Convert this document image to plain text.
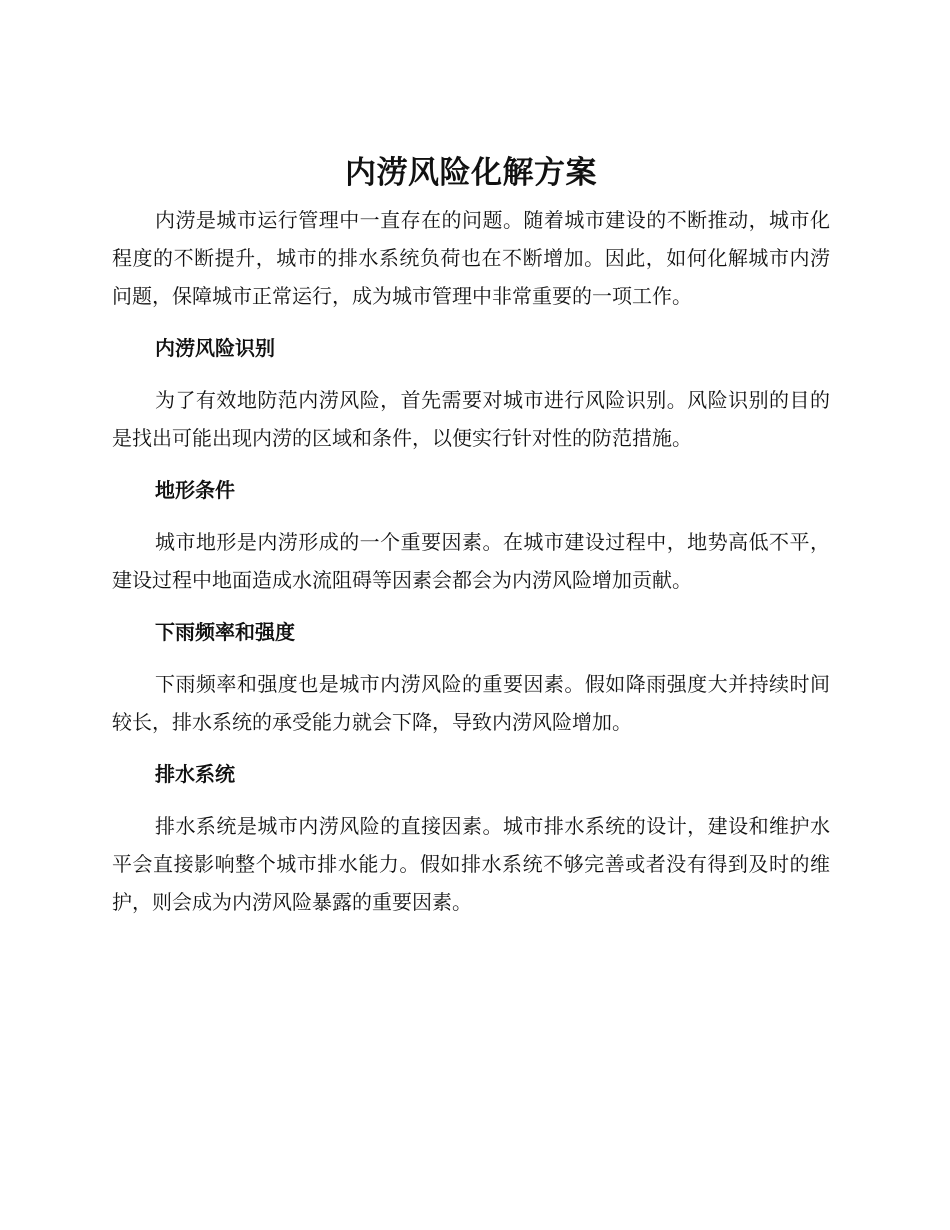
内涝风险化解方案

内涝是城市运行管理中一直存在的问题。随着城市建设的不断推动，城市化程度的不断提升，城市的排水系统负荷也在不断增加。因此，如何化解城市内涝问题，保障城市正常运行，成为城市管理中非常重要的一项工作。

内涝风险识别

为了有效地防范内涝风险，首先需要对城市进行风险识别。风险识别的目的是找出可能出现内涝的区域和条件，以便实行针对性的防范措施。

地形条件

城市地形是内涝形成的一个重要因素。在城市建设过程中，地势高低不平，建设过程中地面造成水流阻碍等因素会都会为内涝风险增加贡献。

下雨频率和强度

下雨频率和强度也是城市内涝风险的重要因素。假如降雨强度大并持续时间较长，排水系统的承受能力就会下降，导致内涝风险增加。

排水系统

排水系统是城市内涝风险的直接因素。城市排水系统的设计，建设和维护水平会直接影响整个城市排水能力。假如排水系统不够完善或者没有得到及时的维护，则会成为内涝风险暴露的重要因素。
